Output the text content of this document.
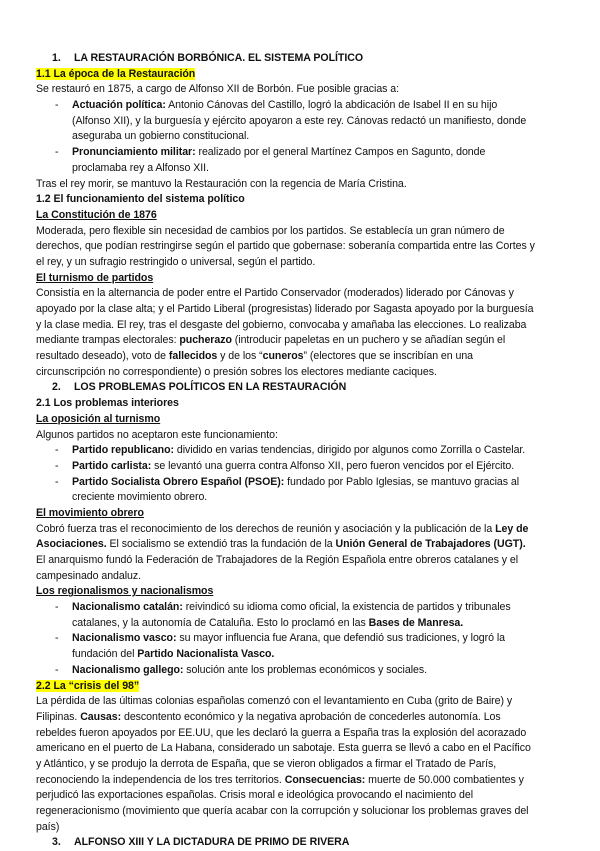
1. LA RESTAURACIÓN BORBÓNICA. EL SISTEMA POLÍTICO
1.1 La época de la Restauración
Se restauró en 1875, a cargo de Alfonso XII de Borbón. Fue posible gracias a:
- Actuación política: Antonio Cánovas del Castillo, logró la abdicación de Isabel II en su hijo
(Alfonso XII), y la burguesía y ejército apoyaron a este rey. Cánovas redactó un manifiesto, donde
aseguraba un gobierno constitucional.
- Pronunciamiento militar: realizado por el general Martínez Campos en Sagunto, donde
proclamaba rey a Alfonso XII.
Tras el rey morir, se mantuvo la Restauración con la regencia de María Cristina.
1.2 El funcionamiento del sistema político
La Constitución de 1876
Moderada, pero flexible sin necesidad de cambios por los partidos. Se establecía un gran número de
derechos, que podían restringirse según el partido que gobernase: soberanía compartida entre las Cortes y
el rey, y un sufragio restringido o universal, según el partido.
El turnismo de partidos
Consistía en la alternancia de poder entre el Partido Conservador (moderados) liderado por Cánovas y
apoyado por la clase alta; y el Partido Liberal (progresistas) liderado por Sagasta apoyado por la burguesía
y la clase media. El rey, tras el desgaste del gobierno, convocaba y amañaba las elecciones. Lo realizaba
mediante trampas electorales: pucherazo (introducir papeletas en un puchero y se añadían según el
resultado deseado), voto de fallecidos y de los “cuneros” (electores que se inscribían en una
circunscripción no correspondiente) o presión sobres los electores mediante caciques.
2. LOS PROBLEMAS POLÍTICOS EN LA RESTAURACIÓN
2.1 Los problemas interiores
La oposición al turnismo
Algunos partidos no aceptaron este funcionamiento:
- Partido republicano: dividido en varias tendencias, dirigido por algunos como Zorrilla o Castelar.
- Partido carlista: se levantó una guerra contra Alfonso XII, pero fueron vencidos por el Ejército.
- Partido Socialista Obrero Español (PSOE): fundado por Pablo Iglesias, se mantuvo gracias al
creciente movimiento obrero.
El movimiento obrero
Cobró fuerza tras el reconocimiento de los derechos de reunión y asociación y la publicación de la Ley de
Asociaciones. El socialismo se extendió tras la fundación de la Unión General de Trabajadores (UGT).
El anarquismo fundó la Federación de Trabajadores de la Región Española entre obreros catalanes y el
campesinado andaluz.
Los regionalismos y nacionalismos
- Nacionalismo catalán: reivindicó su idioma como oficial, la existencia de partidos y tribunales
catalanes, y la autonomía de Cataluña. Esto lo proclamó en las Bases de Manresa.
- Nacionalismo vasco: su mayor influencia fue Arana, que defendió sus tradiciones, y logró la
fundación del Partido Nacionalista Vasco.
- Nacionalismo gallego: solución ante los problemas económicos y sociales.
2.2 La “crisis del 98”
La pérdida de las últimas colonias españolas comenzó con el levantamiento en Cuba (grito de Baire) y
Filipinas. Causas: descontento económico y la negativa aprobación de concederles autonomía. Los
rebeldes fueron apoyados por EE.UU, que les declaró la guerra a España tras la explosión del acorazado
americano en el puerto de La Habana, considerado un sabotaje. Esta guerra se llevó a cabo en el Pacífico
y Atlántico, y se produjo la derrota de España, que se vieron obligados a firmar el Tratado de París,
reconociendo la independencia de los tres territorios. Consecuencias: muerte de 50.000 combatientes y
perjudicó las exportaciones españolas. Crisis moral e ideológica provocando el nacimiento del
regeneracionismo (movimiento que quería acabar con la corrupción y solucionar los problemas graves del
país)
3. ALFONSO XIII Y LA DICTADURA DE PRIMO DE RIVERA
